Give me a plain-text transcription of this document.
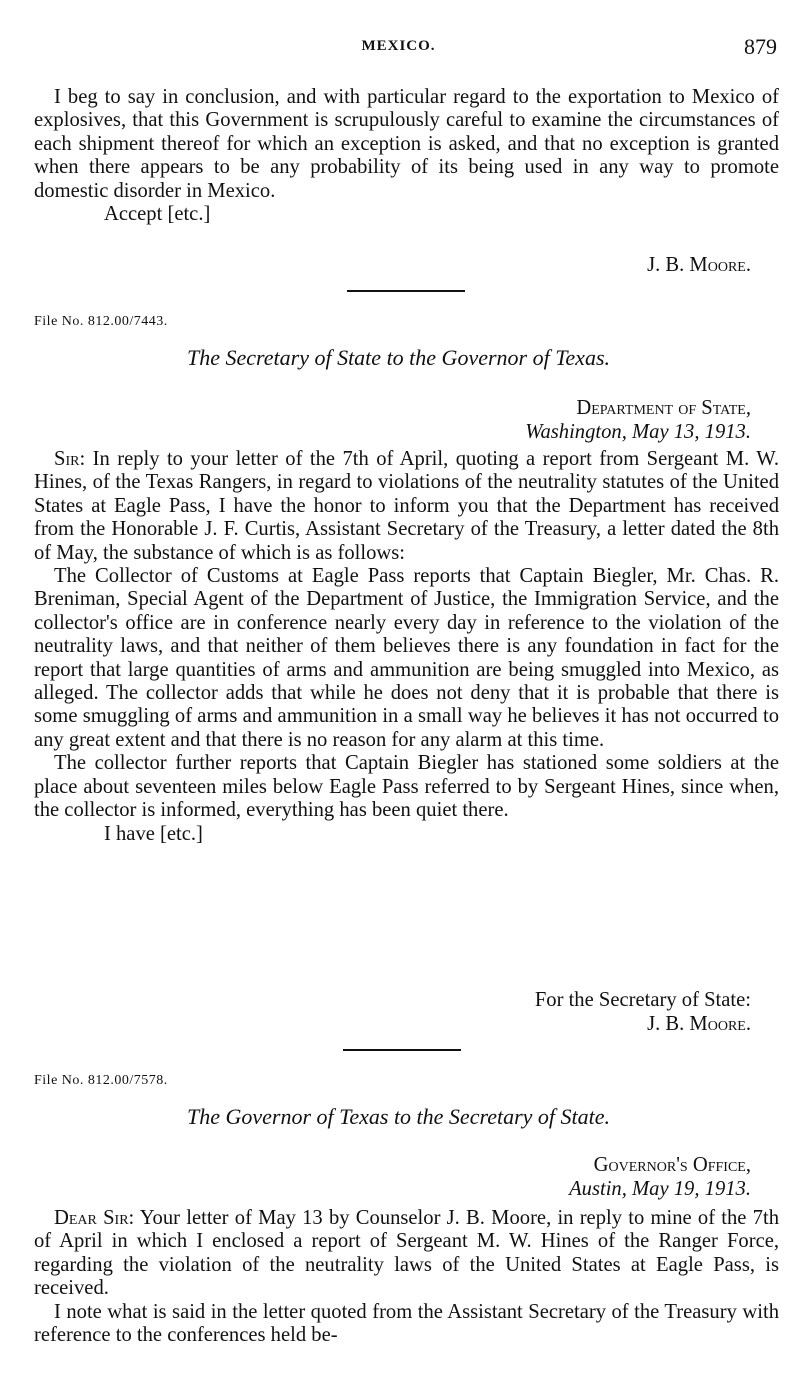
MEXICO.	879

I beg to say in conclusion, and with particular regard to the exportation to Mexico of explosives, that this Government is scrupulously careful to examine the circumstances of each shipment thereof for which an exception is asked, and that no exception is granted when there appears to be any probability of its being used in any way to promote domestic disorder in Mexico.

Accept [etc.]
J. B. Moore.
File No. 812.00/7443.
The Secretary of State to the Governor of Texas.
Department of State,
Washington, May 13, 1913.

Sir: In reply to your letter of the 7th of April, quoting a report from Sergeant M. W. Hines, of the Texas Rangers, in regard to violations of the neutrality statutes of the United States at Eagle Pass, I have the honor to inform you that the Department has received from the Honorable J. F. Curtis, Assistant Secretary of the Treasury, a letter dated the 8th of May, the substance of which is as follows:

The Collector of Customs at Eagle Pass reports that Captain Biegler, Mr. Chas. R. Breniman, Special Agent of the Department of Justice, the Immigration Service, and the collector's office are in conference nearly every day in reference to the violation of the neutrality laws, and that neither of them believes there is any foundation in fact for the report that large quantities of arms and ammunition are being smuggled into Mexico, as alleged. The collector adds that while he does not deny that it is probable that there is some smuggling of arms and ammunition in a small way he believes it has not occurred to any great extent and that there is no reason for any alarm at this time.

The collector further reports that Captain Biegler has stationed some soldiers at the place about seventeen miles below Eagle Pass referred to by Sergeant Hines, since when, the collector is informed, everything has been quiet there.

I have [etc.]
For the Secretary of State:
J. B. Moore.
File No. 812.00/7578.
The Governor of Texas to the Secretary of State.
Governor's Office,
Austin, May 19, 1913.

Dear Sir: Your letter of May 13 by Counselor J. B. Moore, in reply to mine of the 7th of April in which I enclosed a report of Sergeant M. W. Hines of the Ranger Force, regarding the violation of the neutrality laws of the United States at Eagle Pass, is received.

I note what is said in the letter quoted from the Assistant Secretary of the Treasury with reference to the conferences held be-
